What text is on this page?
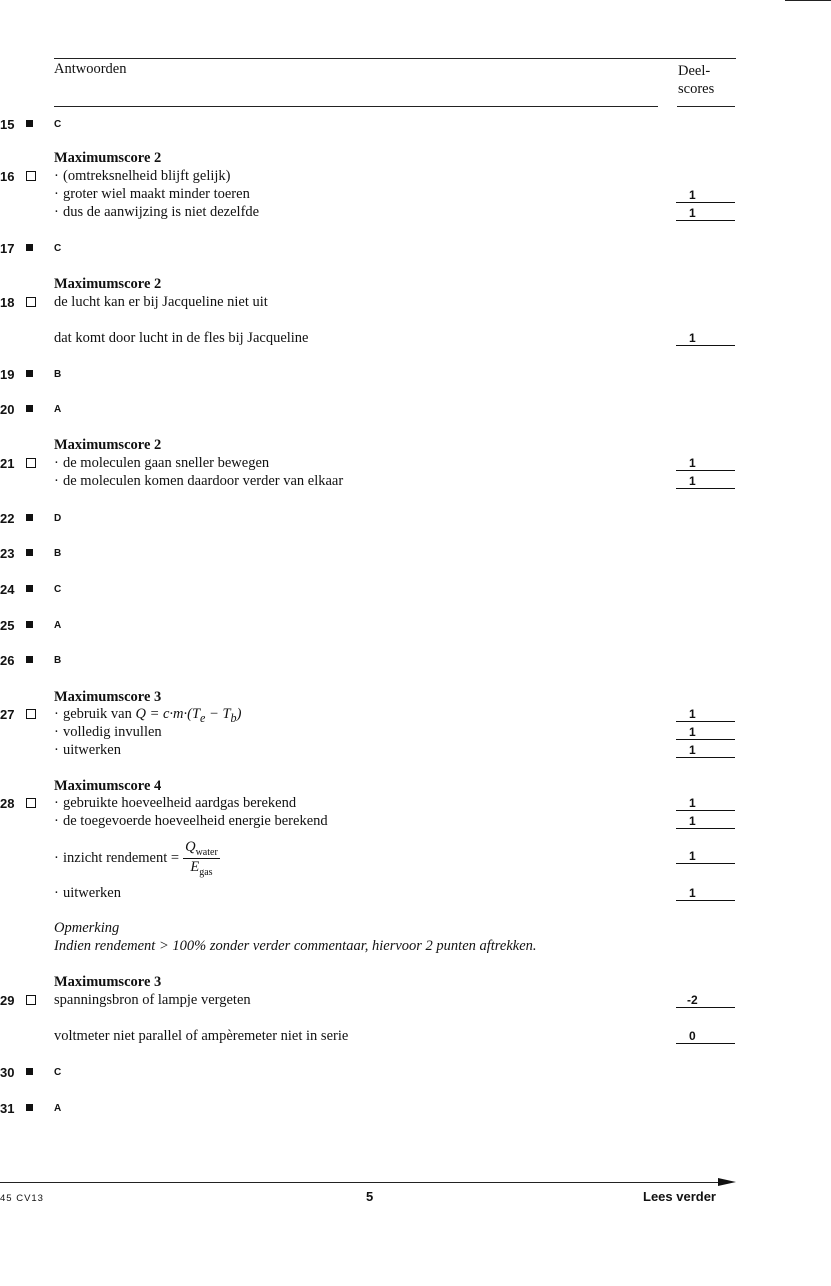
Antwoorden	Deel-
scores
15	C
Maximumscore 2
16	· (omtreksnelheid blijft gelijk)
· groter wiel maakt minder toeren	1
· dus de aanwijzing is niet dezelfde	1
17	C
Maximumscore 2
18	de lucht kan er bij Jacqueline niet uit
dat komt door lucht in de fles bij Jacqueline	1
19	B
20	A
Maximumscore 2
21	· de moleculen gaan sneller bewegen	1
· de moleculen komen daardoor verder van elkaar	1
22	D
23	B
24	C
25	A
26	B
Maximumscore 3
27	· gebruik van $Q = c\cdot m\cdot(T_e - T_b)$	1
· volledig invullen	1
· uitwerken	1
Maximumscore 4
28	· gebruikte hoeveelheid aardgas berekend	1
· de toegevoerde hoeveelheid energie berekend	1
· inzicht rendement = $\frac{Q_{water}}{E_{gas}}$	1
· uitwerken	1
Opmerking
Indien rendement > 100% zonder verder commentaar, hiervoor 2 punten aftrekken.
Maximumscore 3
29	spanningsbron of lampje vergeten	-2
voltmeter niet parallel of ampèremeter niet in serie	0
30	C
31	A
45 CV13	5	Lees verder
